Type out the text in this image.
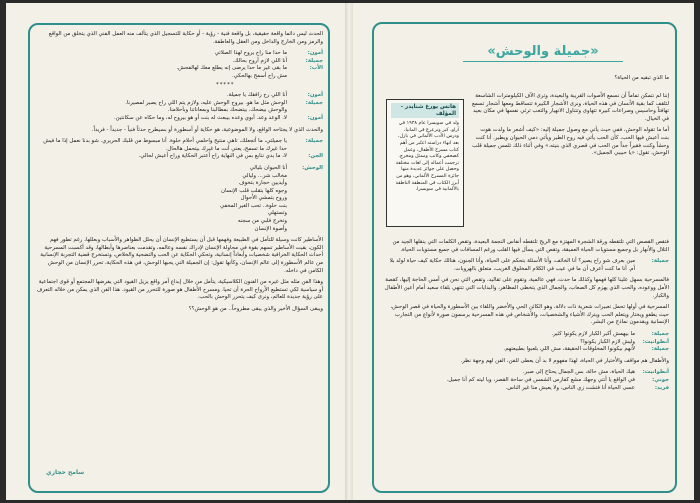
الحدث ليس دائما واقعة حقيقية، بل واقعة فنية - رؤية - أو حكاية للتسجيل الذي يتألف منه العمل الفني الذي يتخلق من الواقع والرمز ومن الخارج والداخل ومن العقل والعاطفة.

أمون:
ما حدا منا راح يروح لهذا الصلاتي
جميلة:
أنا اللي لازم أروح بحالك.
الأب:
ما بقى غير ما حدا يرضى إنه يطلع معك لهالفحش.
مش راح أسمح بهالحكي.
*****
أمون:
أنا اللي رح رافقك يا جميلة.
جميلة:
الوحش مثل ما هو. بيروح الوحش عليه، ولازم يتم اللي راح يصير لمصيرنا.
والوحش بيضحك، بيتضحك بمطالبنا وبمعاناتنا وبأحلامنا.
أمون:
لا. الوعد وعد. أبوي وعده بيبعث له بنت أو هو بيروح له، وما حكاه عن سكانتين.

والحدث الذي لا يجتاحه الواقع، ولا الموضوعية، هو حكاية أو أسطورة أو بسيطرح حدثاً فنياً - جديداً - فريداً.

جميلة:
يا جميلتي، ما أتجعلك، تاهي منتيح واحلمي أحلام حلوة. أنا مبسوط من قلبك الحريري. شو بدنا نعمل إذا ما فيش حدا غيرك ما تسمح، يعني أنت ما غيرك بيتحمل هالحال.
الجن:
لا، ما بدي نتابع بس في النهاية راح أعتبر الحكاية وراح أعيش لحالي.
الوحش:
أنا الحيوان بليالي
مخالب شر... وليالي
وأيديين حجارة بتخوف
وجوه كلها بتقلب قلب الإنسان
وروح بتمشي الأحوال
بنت حلوة.. تحب الغير المخفي
وتستهلي
وتخرج فلبي من سجنه
وأصوة الإنسان

الأساطير كانت وسيلة للتأمل في الطبيعة وفهمها قبل أن يستطيع الإنسان أن يحلل الظواهر والأسباب وبعللها، رغم تطور فهم الكون، بقيت الأساطير تسهم بقوة في محاولة الإنسان لإدراك نفسه وعالمه، وتقدمت بعناصرها وأبطالها، وقد أكسبت المسرحية أحداث الحكاية الخرافية شخصيات وأبعاداً إنسانية، وتحكي الحكاية عن الحب والتضحية والخلاص، وتستخرج قضية التجربة الإنسانية من عالم الأسطورة إلى عالم الإنسان، وكأنها تقول: إن الجميلة التي يحبها الوحش، في هذه الحكاية، تحرر الإنسان من الوحش الكامن في داخله.

وهذا الفن مثله مثل غيره من الفنون الكلاسيكية، يتأمل من خلال إبداع أمر واقع يزيل القيود التي يفرضها المجتمع أو قوى اجتماعية أو سياسية لكي تستطيع الأرواح الحرة أن تحيا. ومسرح الأطفال هو صورة للتحرر من القيود. هذا الفن الذي يمكن من خلاله التعرف على رؤية جديدة للعالم، ونرى كيف يتحرر الوحش بالحب.

ويبقى السؤال الأخير والذي يبقى مطروحاً.. من هو الوحش؟؟

سامح حجازي
«جميلة والوحش»

ما الذي تبقيه من الحياة؟

إننا لم نتمكن تماماً أن نسمع الأصوات القريبة والبعيدة، وترى الآف الكيلومترات الشاسعة لتلقف كما بقية الأنسان في هذه الحياة، ونرى الأشجار الكبيرة تتساقط ومعها أشجار تسمع تهافتاً وحاسيس وصراعات كبيرة تتهاوى وتتناول الانهيار والتعب ترثي نفسها في مكان بعيد في الخيال.

أما ما تقوله الوحش، ففي حيث يأتي مع وصول جميلة إليه: «كيف أشعر ما ولدت هوت بنت أعيش فيها الحب، كأن الحب يأتي فيه روح الطير ويأتي دمي الحيوان ويطير. أنا كنت وحشاً وكنت فقيراً جداً من الحب في قصري الذي بنيته.» وفي أثناء ذلك تلمس جميلة قلب الوحش، تقول: «يا حبيبي الجميل».

هانس يورغ شنايدر - المؤلف
ولد في سويسرا عام ١٩٣٨ في آراو، كبر وترعرع في المانيا، ودرس الأدب الألماني في بازل، بعد انهاء دراسته اعتُبر من أهم كتاب مسرح الأطفال، وعمل كصحفي وكاتب وممثل ومخرج. ترجمت أعماله إلى لغات مختلفة وحصل على جوائز عديدة منها جائزة المسرح الألماني، وهو من أبرز الكتاب في المنطقة الناطقة بالألمانية في سويسرا.

فتقص القصص التي تلتقطه ورقة الشجرة المهتزة مع الريح تلتقطه أنفاس النجمة البعيدة، وتقص الكلمات التي ينقلها الجيد من التلال والأنهار بل وجميع مستويات الحياة العميقة، وتقص التي يسأل فيها القلب ورغم المسافات في جميع مستويات الحياة.

جميلة:
مين بعرف شو راح يصير؟ أنا الخائف، وأنا الأسئلة بتحكم على الحياة، وأنا الجنون، هنالك حكاية كيف حياة لولد بلا أم. أنا ما كنت أعرف أن ما في عيب في الكلام المخلوق الغريب، متعلق بالهروبات.

فالمسرحية بسهل علينا كلها فهمها وكذلك ما حدث، فهي عالمية، وتقوم على تقاليد، وتقص التي نحن في أمس الحاجة إليها، كقصة الأمل ووعوده، والحب الذي يهزم كل الصعاب، والجمال الذي يتخطى المظاهر، والبدايات التي تنتهي بلقاء سعيد أمام أعين الأطفال والكبار.

المسرحية في أولها تحمل تعبيرات شعرية ذات دلالة، وهو الكائن الحي والأخضر واللقاء بين الأسطورة والحياة في قصر الوحش، حيث يطفو ويختار ويتعلم الحب ويترك الأشياء والشخصيات، والأشخاص في هذه المسرحية يرسمون صورة لأنواع من التجارب الإنسانية ويقدمون نماذج من البشر.

جميلة:
ما بيهمش أكبر الكبار لازم يكونوا كثير.
أنطوانيت:
وليش لازم الكبار يكونوا؟
جميلة:
لأنهم بيكونوا المخلوقات الحقيقة، مش اللي بلعبوا بطبيعتهم.

والأطفال هم مواقف والأختيار في الحياة، لهذا مفهوم لا بد أن يعطى للفن، الفن لهم وجهة نظر.

أنطوانيت:
هيك الحياة، مش حالة، بس الجمال يحتاج إلى صبر.
جوني:
في الواقع يا أنتي وجهك مشع كفارس الشمس في ساحة القصر، ويا ليته كم أنا جميل.
فريد:
عسى الحياة أنا فتشت زي الناس، ولا يعيش منا غير الناس.
